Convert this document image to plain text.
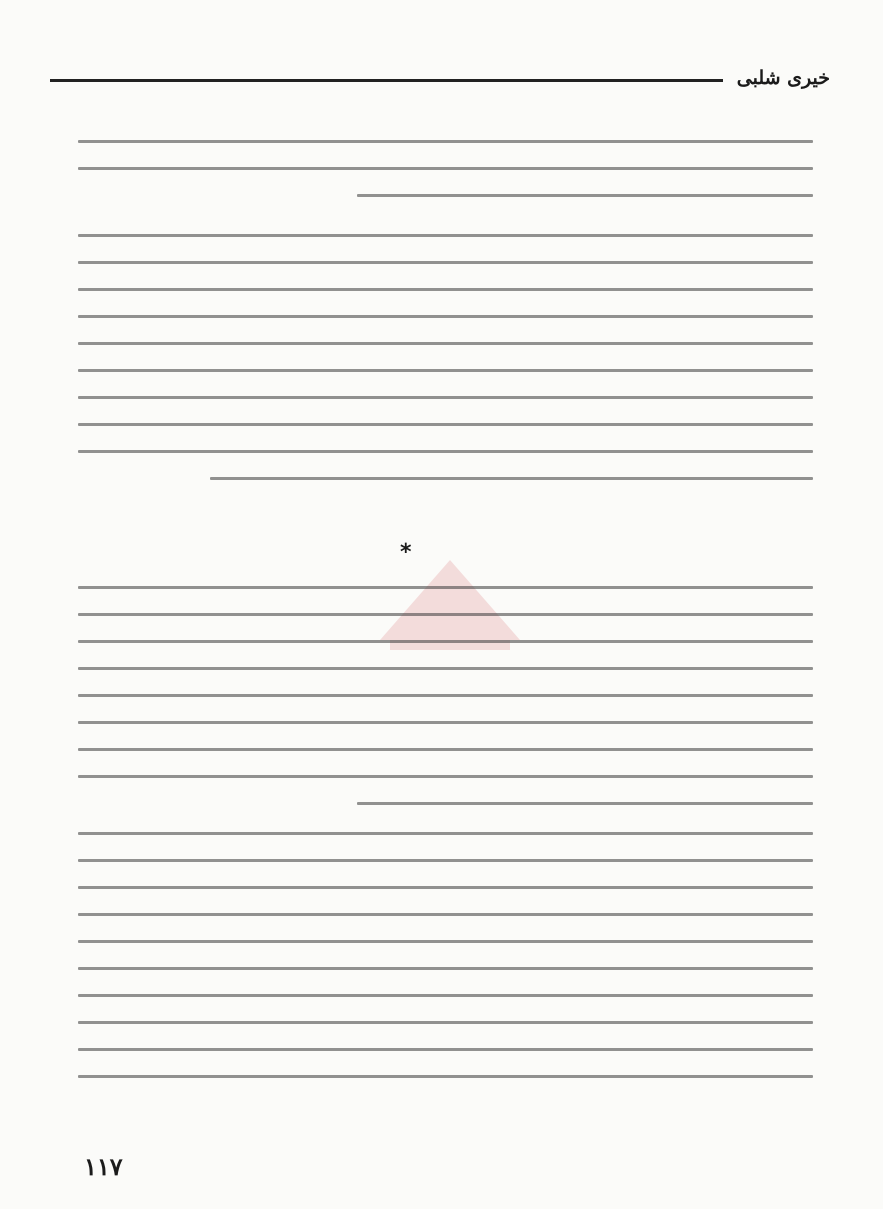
خيرى شلبى
*
١١٧
